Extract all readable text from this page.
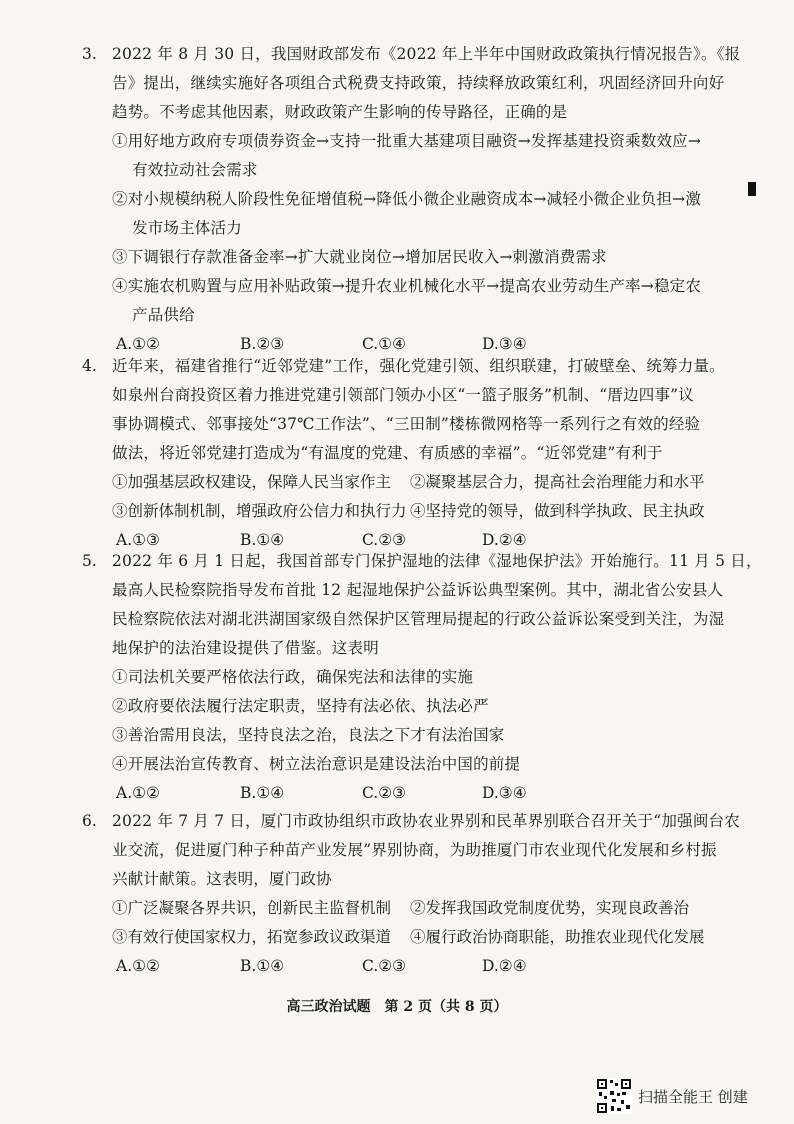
3. 2022 年 8 月 30 日，我国财政部发布《2022 年上半年中国财政政策执行情况报告》。《报
告》提出，继续实施好各项组合式税费支持政策，持续释放政策红利，巩固经济回升向好
趋势。不考虑其他因素，财政政策产生影响的传导路径，正确的是
①用好地方政府专项债券资金→支持一批重大基建项目融资→发挥基建投资乘数效应→
有效拉动社会需求
②对小规模纳税人阶段性免征增值税→降低小微企业融资成本→减轻小微企业负担→激
发市场主体活力
③下调银行存款准备金率→扩大就业岗位→增加居民收入→刺激消费需求
④实施农机购置与应用补贴政策→提升农业机械化水平→提高农业劳动生产率→稳定农
产品供给
A.①②	B.②③	C.①④	D.③④
4. 近年来，福建省推行“近邻党建”工作，强化党建引领、组织联建，打破壁垒、统筹力量。
如泉州台商投资区着力推进党建引领部门领办小区“一篮子服务”机制、“厝边四事”议
事协调模式、邻事接处“37℃工作法”、“三田制”楼栋微网格等一系列行之有效的经验
做法，将近邻党建打造成为“有温度的党建、有质感的幸福”。“近邻党建”有利于
①加强基层政权建设，保障人民当家作主 ②凝聚基层合力，提高社会治理能力和水平
③创新体制机制，增强政府公信力和执行力 ④坚持党的领导，做到科学执政、民主执政
A.①③	B.①④	C.②③	D.②④
5. 2022 年 6 月 1 日起，我国首部专门保护湿地的法律《湿地保护法》开始施行。11 月 5 日，
最高人民检察院指导发布首批 12 起湿地保护公益诉讼典型案例。其中，湖北省公安县人
民检察院依法对湖北洪湖国家级自然保护区管理局提起的行政公益诉讼案受到关注，为湿
地保护的法治建设提供了借鉴。这表明
①司法机关要严格依法行政，确保宪法和法律的实施
②政府要依法履行法定职责，坚持有法必依、执法必严
③善治需用良法，坚持良法之治，良法之下才有法治国家
④开展法治宣传教育、树立法治意识是建设法治中国的前提
A.①②	B.①④	C.②③	D.③④
6. 2022 年 7 月 7 日，厦门市政协组织市政协农业界别和民革界别联合召开关于“加强闽台农
业交流，促进厦门种子种苗产业发展”界别协商，为助推厦门市农业现代化发展和乡村振
兴献计献策。这表明，厦门政协
①广泛凝聚各界共识，创新民主监督机制 ②发挥我国政党制度优势，实现良政善治
③有效行使国家权力，拓宽参政议政渠道 ④履行政治协商职能，助推农业现代化发展
A.①②	B.①④	C.②③	D.②④
高三政治试题　第 2 页（共 8 页）
扫描全能王 创建
